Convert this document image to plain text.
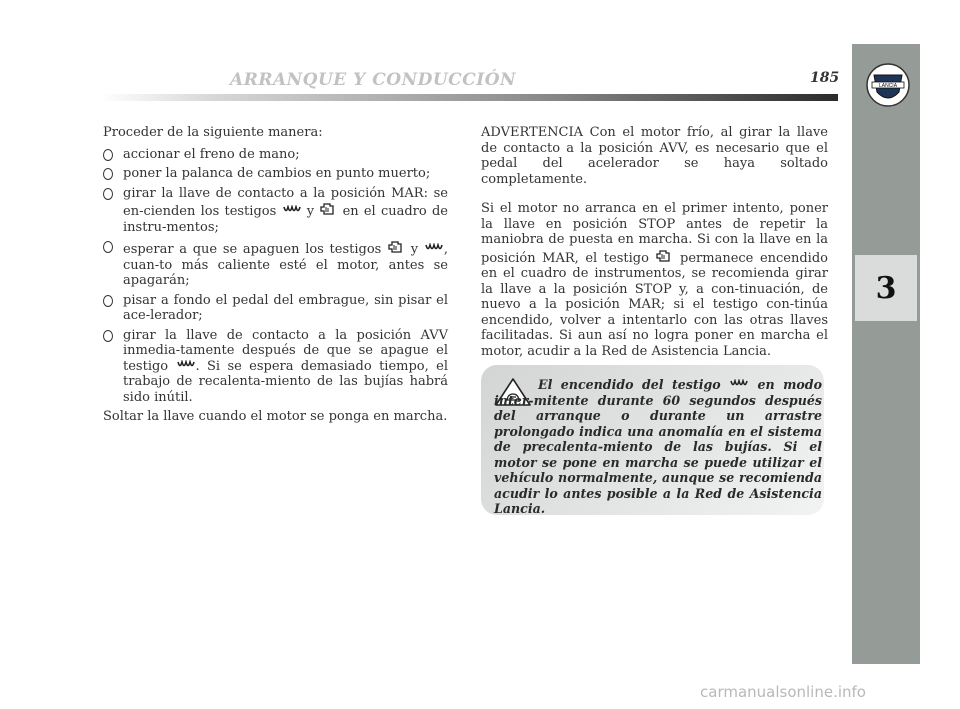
ARRANQUE Y CONDUCCIÓN	185	LANCIA
3

Proceder de la siguiente manera:

accionar el freno de mano;
poner la palanca de cambios en punto muerto;
girar la llave de contacto a la posición MAR: se en-cienden los testigos y en el cuadro de instru-mentos;
esperar a que se apaguen los testigos y , cuan-to más caliente esté el motor, antes se apagarán;
pisar a fondo el pedal del embrague, sin pisar el ace-lerador;
girar la llave de contacto a la posición AVV inmedia-tamente después de que se apague el testigo . Si se espera demasiado tiempo, el trabajo de recalenta-miento de las bujías habrá sido inútil.

Soltar la llave cuando el motor se ponga en marcha.

ADVERTENCIA Con el motor frío, al girar la llave de contacto a la posición AVV, es necesario que el pedal del acelerador se haya soltado completamente.

Si el motor no arranca en el primer intento, poner la llave en posición STOP antes de repetir la maniobra de puesta en marcha. Si con la llave en la posición MAR, el testigo permanece encendido en el cuadro de instrumentos, se recomienda girar la llave a la posición STOP y, a con-tinuación, de nuevo a la posición MAR; si el testigo con-tinúa encendido, volver a intentarlo con las otras llaves facilitadas. Si aun así no logra poner en marcha el motor, acudir a la Red de Asistencia Lancia.

El encendido del testigo	en modo inter-mitente durante 60 segundos después del arranque o durante un arrastre prolongado indica una anomalía en el sistema de precalenta-miento de las bujías. Si el motor se pone en marcha se puede utilizar el vehículo normalmente, aunque se recomienda acudir lo antes posible a la Red de Asistencia Lancia.
carmanualsonline.info
